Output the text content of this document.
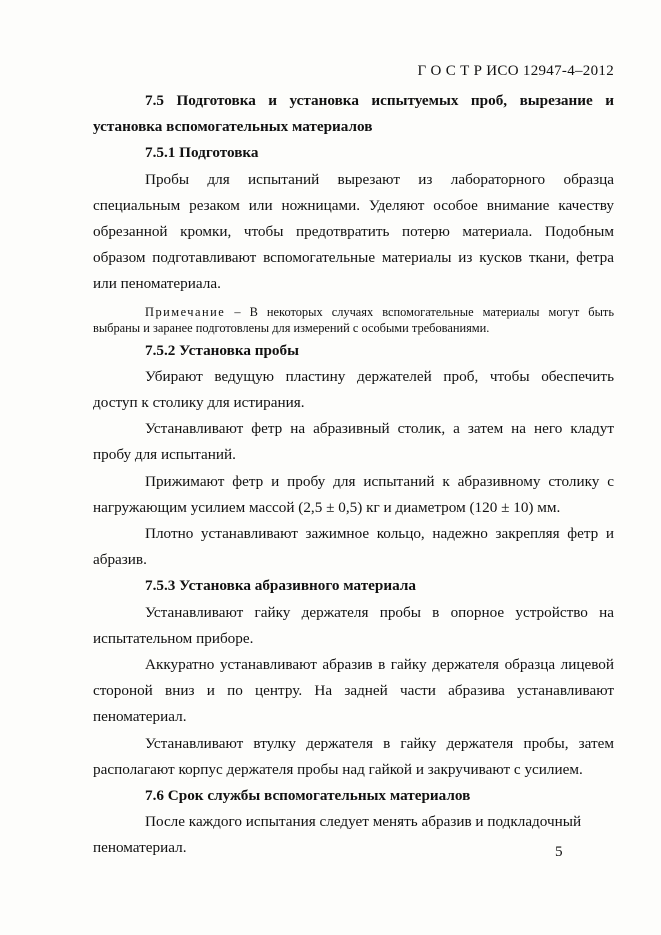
Г О С Т Р ИСО 12947-4–2012

7.5 Подготовка и установка испытуемых проб, вырезание и установка вспомогательных материалов

7.5.1 Подготовка

Пробы для испытаний вырезают из лабораторного образца специальным резаком или ножницами. Уделяют особое внимание качеству обрезанной кромки, чтобы предотвратить потерю материала. Подобным образом подготавливают вспомогательные материалы из кусков ткани, фетра или пеноматериала.

Примечание – В некоторых случаях вспомогательные материалы могут быть выбраны и заранее подготовлены для измерений с особыми требованиями.

7.5.2 Установка пробы

Убирают ведущую пластину держателей проб, чтобы обеспечить доступ к столику для истирания.

Устанавливают фетр на абразивный столик, а затем на него кладут пробу для испытаний.

Прижимают фетр и пробу для испытаний к абразивному столику с нагружающим усилием массой (2,5 ± 0,5) кг и диаметром (120 ± 10) мм.

Плотно устанавливают зажимное кольцо, надежно закрепляя фетр и абразив.

7.5.3 Установка абразивного материала

Устанавливают гайку держателя пробы в опорное устройство на испытательном приборе.

Аккуратно устанавливают абразив в гайку держателя образца лицевой стороной вниз и по центру. На задней части абразива устанавливают пеноматериал.

Устанавливают втулку держателя в гайку держателя пробы, затем располагают корпус держателя пробы над гайкой и закручивают с усилием.

7.6 Срок службы вспомогательных материалов

После каждого испытания следует менять абразив и подкладочный пеноматериал.	5
